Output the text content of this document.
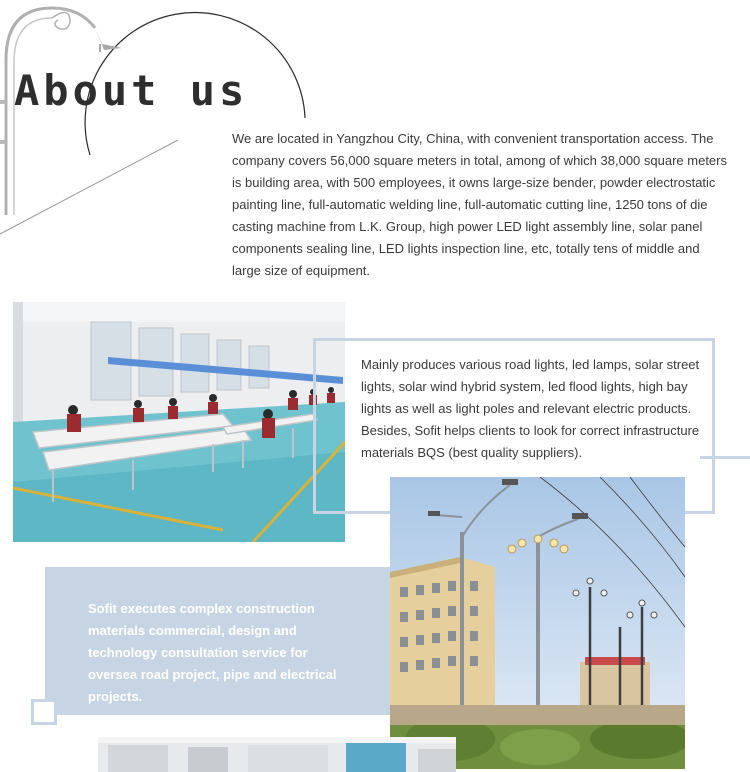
About us
We are located in Yangzhou City, China, with convenient transportation access. The company covers 56,000 square meters in total, among of which 38,000 square meters is building area, with 500 employees, it owns large-size bender, powder electrostatic painting line, full-automatic welding line, full-automatic cutting line, 1250 tons of die casting machine from L.K. Group, high power LED light assembly line, solar panel components sealing line, LED lights inspection line, etc, totally tens of middle and large size of equipment.
Mainly produces various road lights, led lamps, solar street lights, solar wind hybrid system, led flood lights, high bay lights as well as light poles and relevant electric products. Besides, Sofit helps clients to look for correct infrastructure materials BQS (best quality suppliers).
Sofit executes complex construction materials commercial, design and technology consultation service for oversea road project, pipe and electrical projects.
